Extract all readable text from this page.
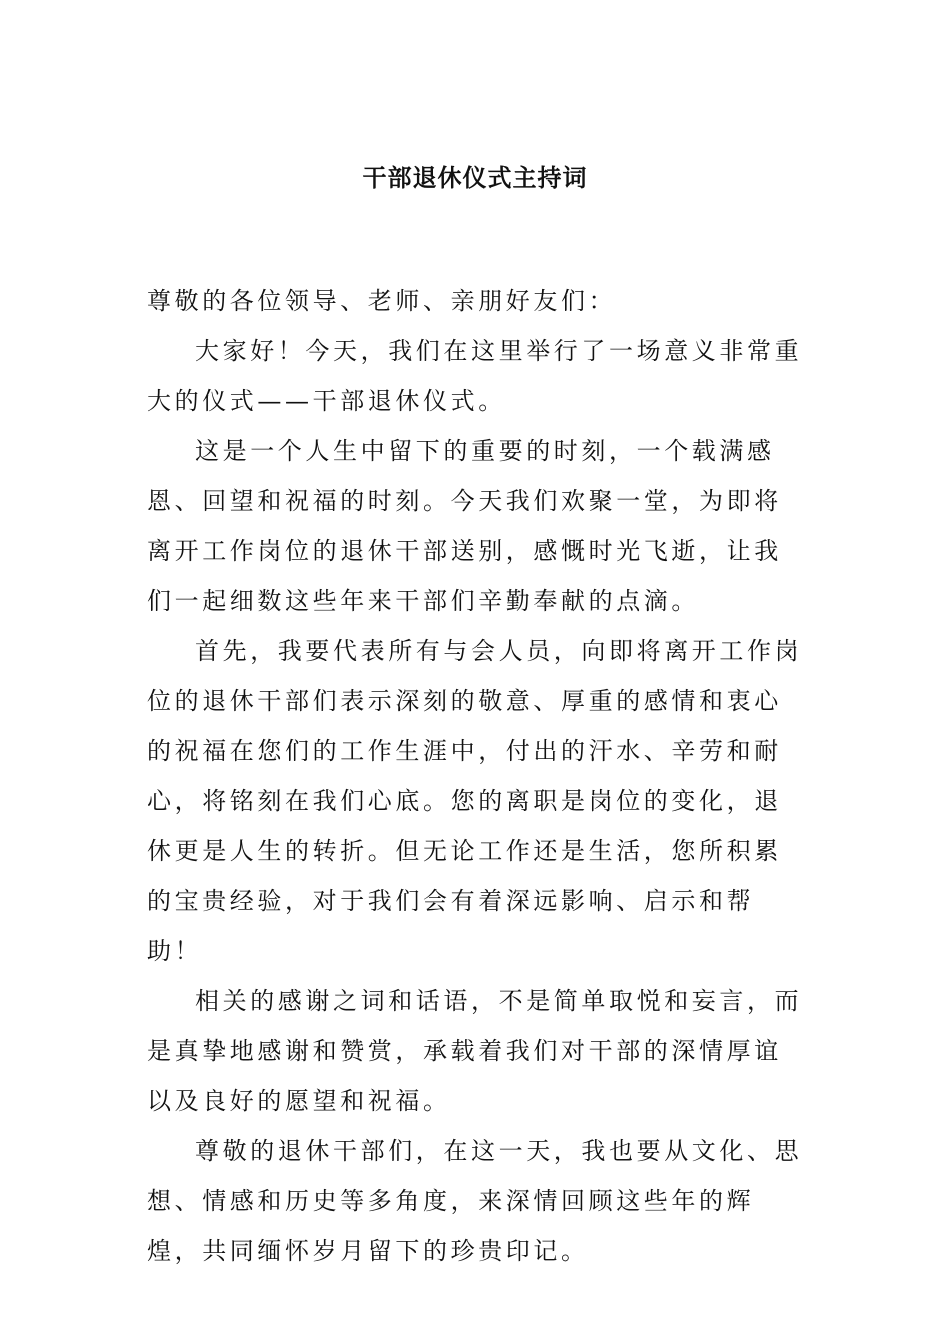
干部退休仪式主持词

尊敬的各位领导、老师、亲朋好友们：

大家好！今天，我们在这里举行了一场意义非常重大的仪式——干部退休仪式。

这是一个人生中留下的重要的时刻，一个载满感恩、回望和祝福的时刻。今天我们欢聚一堂，为即将离开工作岗位的退休干部送别，感慨时光飞逝，让我们一起细数这些年来干部们辛勤奉献的点滴。

首先，我要代表所有与会人员，向即将离开工作岗位的退休干部们表示深刻的敬意、厚重的感情和衷心的祝福在您们的工作生涯中，付出的汗水、辛劳和耐心，将铭刻在我们心底。您的离职是岗位的变化，退休更是人生的转折。但无论工作还是生活，您所积累的宝贵经验，对于我们会有着深远影响、启示和帮助！

相关的感谢之词和话语，不是简单取悦和妄言，而是真挚地感谢和赞赏，承载着我们对干部的深情厚谊以及良好的愿望和祝福。

尊敬的退休干部们，在这一天，我也要从文化、思想、情感和历史等多角度，来深情回顾这些年的辉煌，共同缅怀岁月留下的珍贵印记。
